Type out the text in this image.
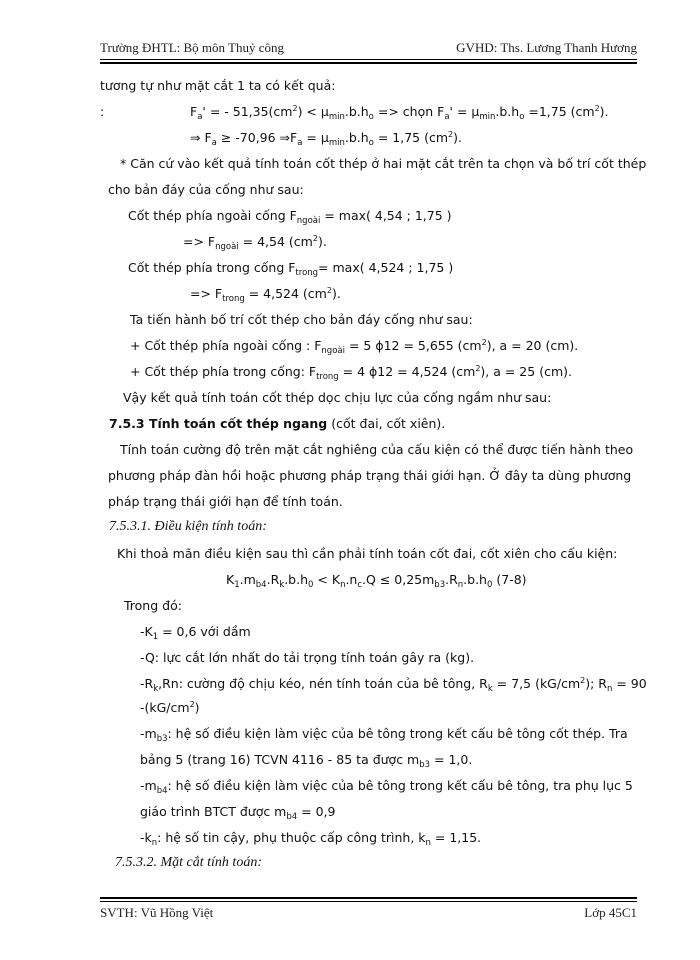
Trường ĐHTL: Bộ môn Thuỷ công	GVHD: Ths. Lương Thanh Hương
tương tự như mặt cắt 1 ta có kết quả:
:	$F_a'$ = - $51,35(cm^2) < \mu_{min}.b.h_o$ => chọn $F_a' = \mu_{min}.b.h_o =1,75$ $(cm^2)$.
⇒ $F_a \ge -70,96$ $\Rightarrow F_a = \mu_{min}.b.h_o = 1,75$ $(cm^2)$.
* Căn cứ vào kết quả tính toán cốt thép ở hai mặt cắt trên ta chọn và bố trí cốt thép
cho bản đáy của cống như sau:
Cốt thép phía ngoài cống $F_{ngoài} = \max$( 4,54 ; 1,75 )
=> $F_{ngoài} = 4,54$ $(cm^2)$.
Cốt thép phía trong cống $F_{trong}= \max$( 4,524 ; 1,75 )
=> $F_{trong} = 4,524$ $(cm^2)$.
Ta tiến hành bố trí cốt thép cho bản đáy cống như sau:
+ Cốt thép phía ngoài cống : $F_{ngoài} = 5$ ϕ12 = 5,655 $(cm^2)$, a = 20 (cm).
+ Cốt thép phía trong cống: $F_{trong} = 4$ ϕ12 = 4,524 $(cm^2)$, a = 25 (cm).
Vậy kết quả tính toán cốt thép dọc chịu lực của cống ngầm như sau:
7.5.3 Tính toán cốt thép ngang (cốt đai, cốt xiên).
Tính toán cường độ trên mặt cắt nghiêng của cấu kiện có thể được tiến hành theo
phương pháp đàn hồi hoặc phương pháp trạng thái giới hạn. Ở đây ta dùng phương
pháp trạng thái giới hạn để tính toán.
7.5.3.1. Điều kiện tính toán:
Khi thoả mãn điều kiện sau thì cần phải tính toán cốt đai, cốt xiên cho cấu kiện:
$K_1.m_{b4}.R_k.b.h_0 < K_n.n_c.Q \le 0,25m_{b3}.R_n.b.h_0$ (7-8)
Trong đó:
$-K_1 = 0,6$ với dầm
-Q: lực cắt lớn nhất do tải trọng tính toán gây ra (kg).
$-R_k,Rn$: cường độ chịu kéo, nén tính toán của bê tông, $R_k = 7,5$ $(kG/cm^2)$; $R_n = 90$
$-(kG/cm^2)$
$-m_{b3}$: hệ số điều kiện làm việc của bê tông trong kết cấu bê tông cốt thép. Tra
bảng 5 (trang 16) TCVN 4116 - 85 ta được $m_{b3} = 1,0$.
$-m_{b4}$: hệ số điều kiện làm việc của bê tông trong kết cấu bê tông, tra phụ lục 5
giáo trình BTCT được $m_{b4} = 0,9$
$-k_n$: hệ số tin cậy, phụ thuộc cấp công trình, $k_n = 1,15$.
7.5.3.2. Mặt cắt tính toán:
SVTH: Vũ Hồng Việt	Lớp 45C1
